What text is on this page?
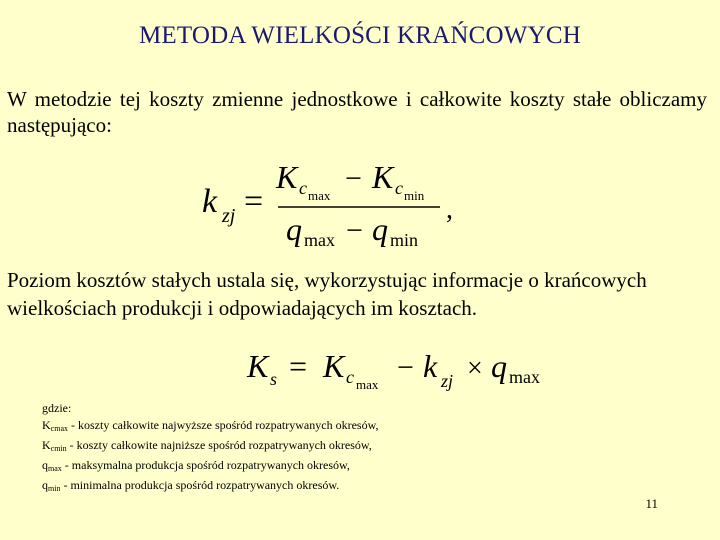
METODA WIELKOŚCI KRAŃCOWYCH
W metodzie tej koszty zmienne jednostkowe i całkowite koszty stałe obliczamy następująco:
k zj =
K c max
− K c min
q max − q min
,
Poziom kosztów stałych ustala się, wykorzystując informacje o krańcowych wielkościach produkcji i odpowiadających im kosztach.
K s = K c max
− k zj × q max
gdzie:
$K_{cmax}$ - koszty całkowite najwyższe spośród rozpatrywanych okresów,
$K_{cmin}$ - koszty całkowite najniższe spośród rozpatrywanych okresów,
$q_{max}$ - maksymalna produkcja spośród rozpatrywanych okresów,
$q_{min}$ - minimalna produkcja spośród rozpatrywanych okresów.
11
